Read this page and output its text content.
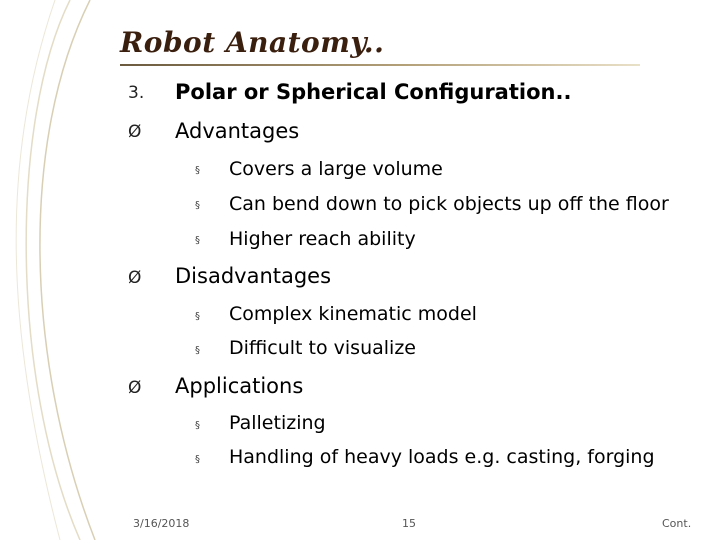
Robot Anatomy..
3. Polar or Spherical Configuration..
Ø Advantages
§ Covers a large volume
§ Can bend down to pick objects up off the floor
§ Higher reach ability
Ø Disadvantages
§ Complex kinematic model
§ Difficult to visualize
Ø Applications
§ Palletizing
§ Handling of heavy loads e.g. casting, forging
3/16/2018	15	Cont.
